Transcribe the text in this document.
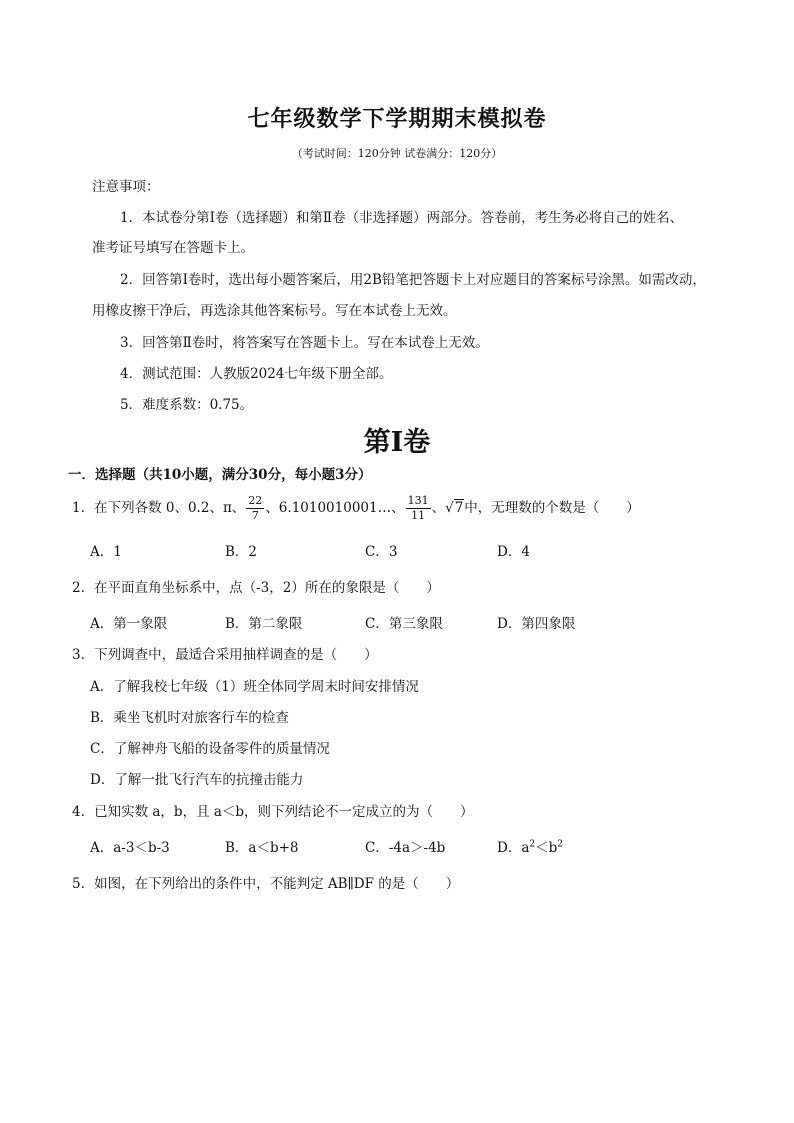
七年级数学下学期期末模拟卷
（考试时间：120分钟 试卷满分：120分）
注意事项：
1．本试卷分第Ⅰ卷（选择题）和第Ⅱ卷（非选择题）两部分。答卷前，考生务必将自己的姓名、
准考证号填写在答题卡上。
2．回答第Ⅰ卷时，选出每小题答案后，用2B铅笔把答题卡上对应题目的答案标号涂黑。如需改动，
用橡皮擦干净后，再选涂其他答案标号。写在本试卷上无效。
3．回答第Ⅱ卷时，将答案写在答题卡上。写在本试卷上无效。
4．测试范围：人教版2024七年级下册全部。
5．难度系数：0.75。
第Ⅰ卷
一．选择题（共10小题，满分30分，每小题3分）
1．在下列各数 0、0.2、π、 $\frac{22}{7}$ 、6.1010010001…、 $\frac{131}{11}$ 、√7中，无理数的个数是（　　）
A．1	B．2	C．3	D．4
2．在平面直角坐标系中，点（-3，2）所在的象限是（　　）
A．第一象限	B．第二象限	C．第三象限	D．第四象限
3．下列调查中，最适合采用抽样调查的是（　　）
A．了解我校七年级（1）班全体同学周末时间安排情况
B．乘坐飞机时对旅客行车的检查
C．了解神舟飞船的设备零件的质量情况
D．了解一批飞行汽车的抗撞击能力
4．已知实数 a，b，且 a＜b，则下列结论不一定成立的为（　　）
A．a-3＜b-3	B．a＜b+8	C．-4a＞-4b	D．$a^2<b^2$
5．如图，在下列给出的条件中，不能判定 AB∥DF 的是（　　）
